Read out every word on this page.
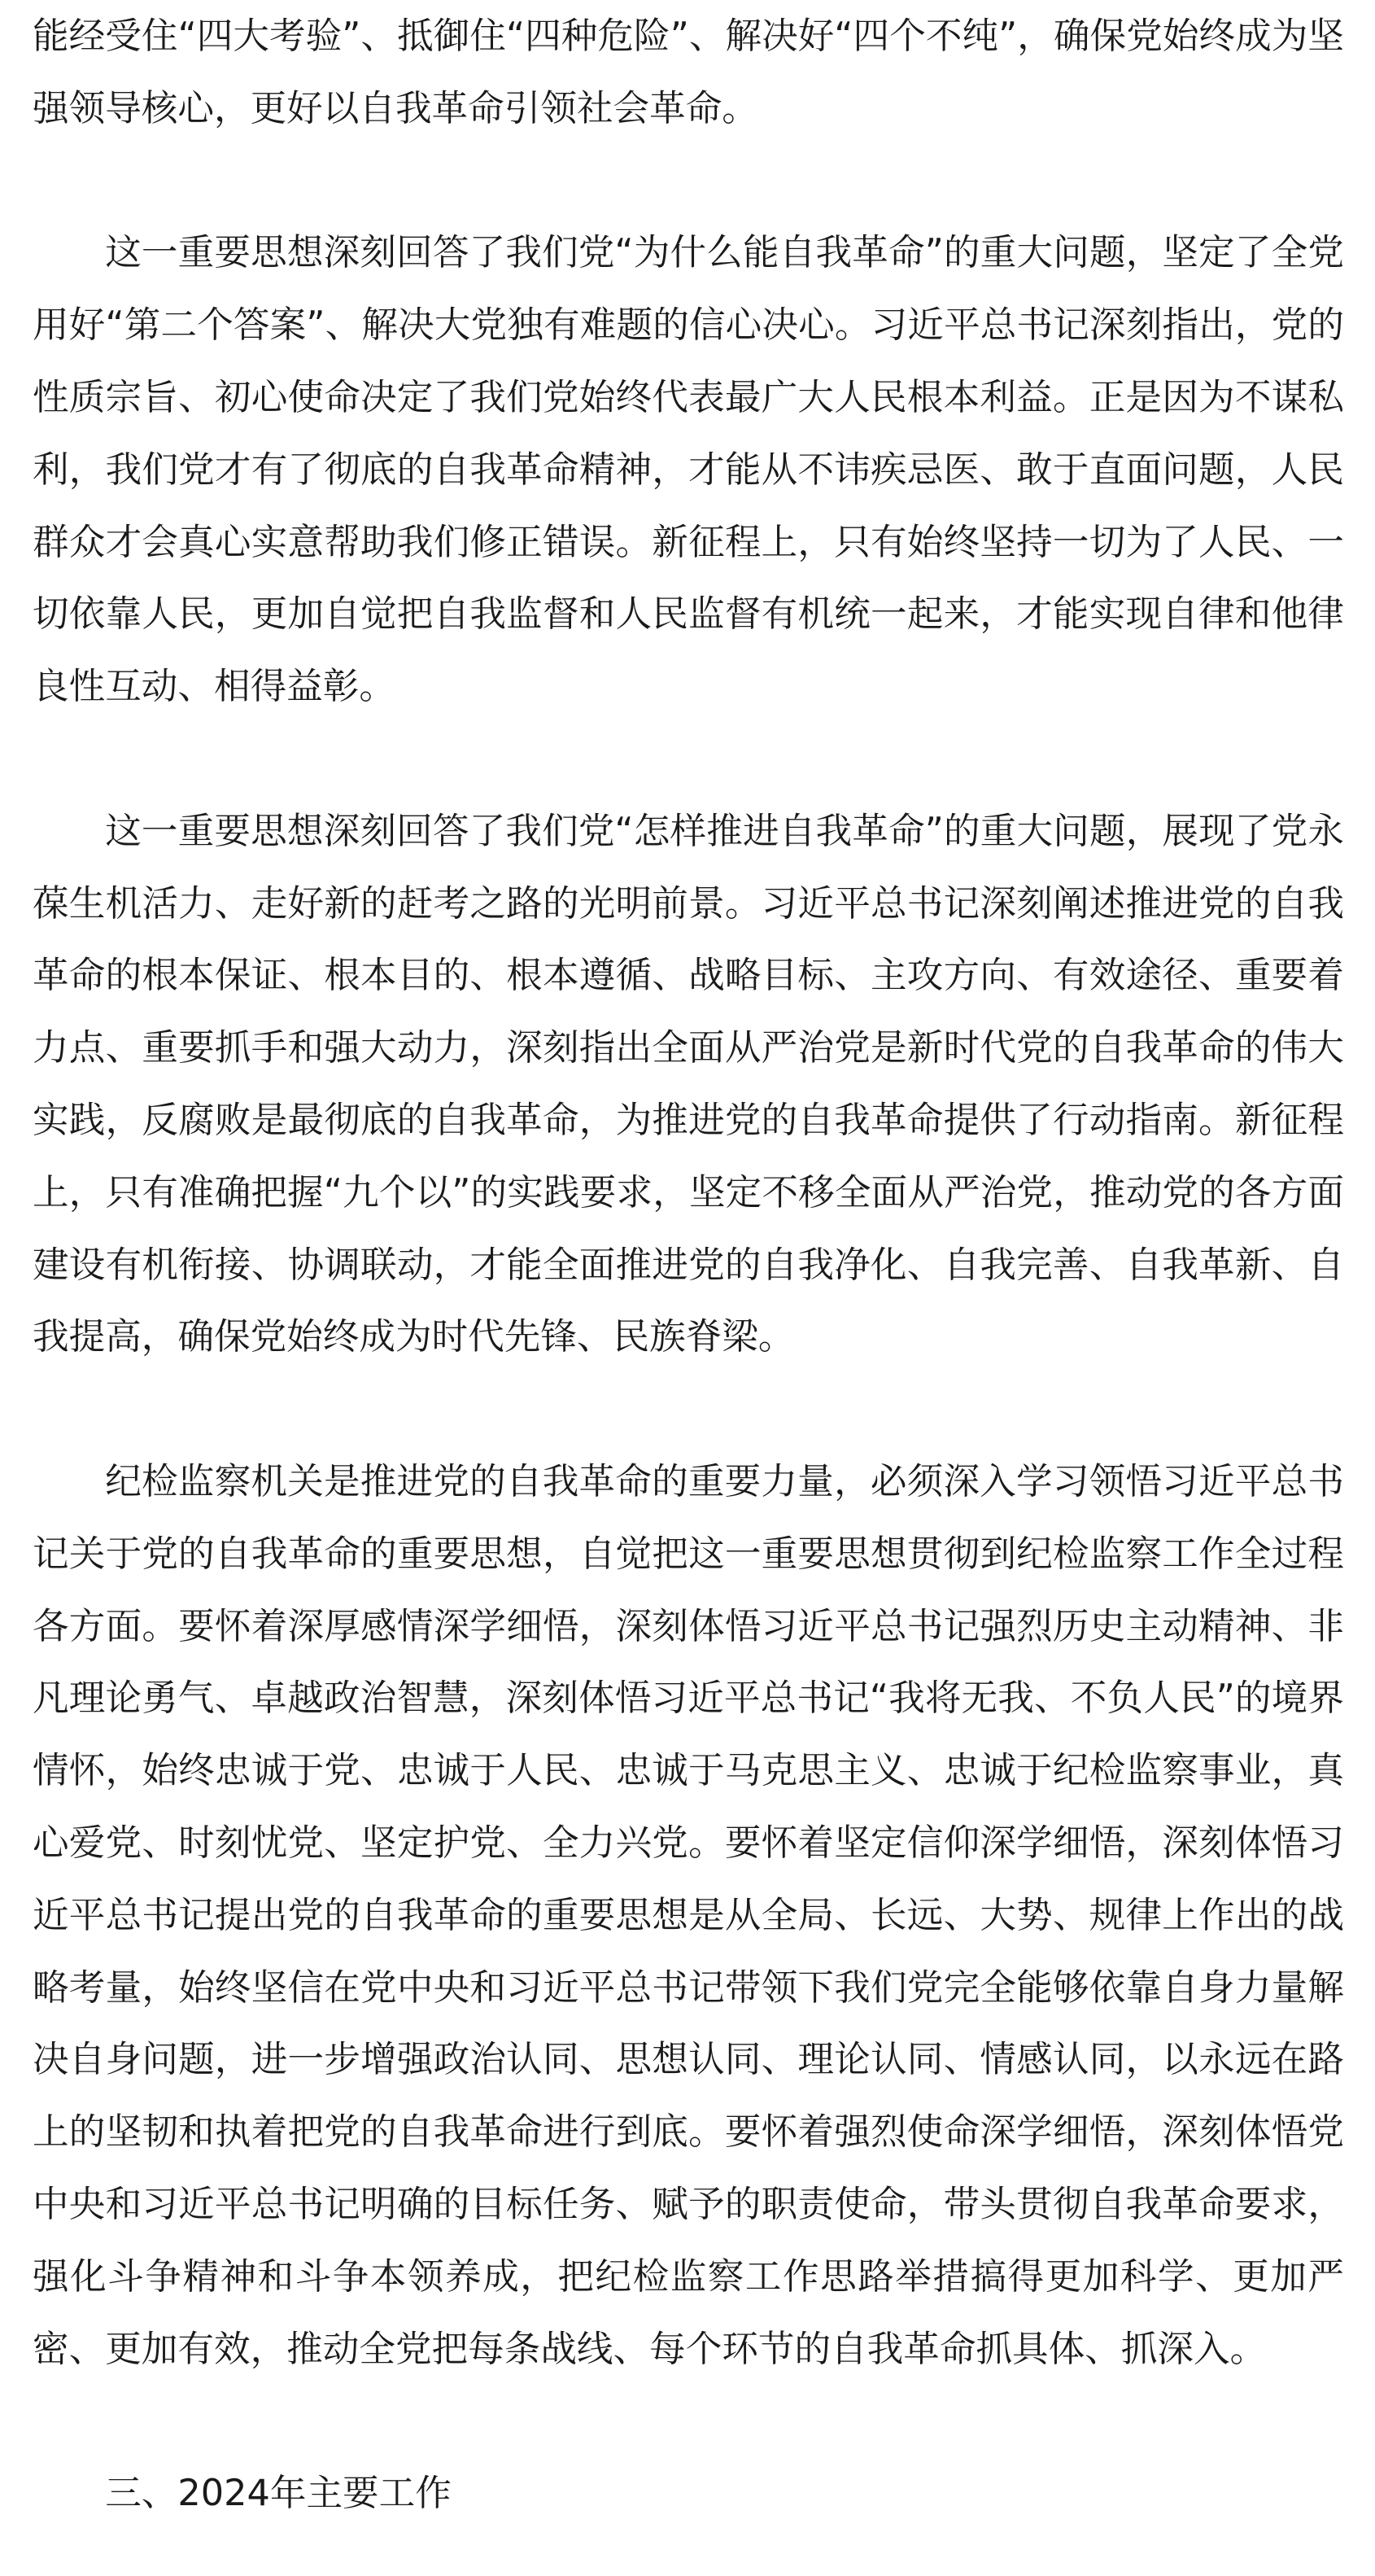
能经受住“四大考验”、抵御住“四种危险”、解决好“四个不纯”，确保党始终成为坚强领导核心，更好以自我革命引领社会革命。

这一重要思想深刻回答了我们党“为什么能自我革命”的重大问题，坚定了全党用好“第二个答案”、解决大党独有难题的信心决心。习近平总书记深刻指出，党的性质宗旨、初心使命决定了我们党始终代表最广大人民根本利益。正是因为不谋私利，我们党才有了彻底的自我革命精神，才能从不讳疾忌医、敢于直面问题，人民群众才会真心实意帮助我们修正错误。新征程上，只有始终坚持一切为了人民、一切依靠人民，更加自觉把自我监督和人民监督有机统一起来，才能实现自律和他律良性互动、相得益彰。

这一重要思想深刻回答了我们党“怎样推进自我革命”的重大问题，展现了党永葆生机活力、走好新的赶考之路的光明前景。习近平总书记深刻阐述推进党的自我革命的根本保证、根本目的、根本遵循、战略目标、主攻方向、有效途径、重要着力点、重要抓手和强大动力，深刻指出全面从严治党是新时代党的自我革命的伟大实践，反腐败是最彻底的自我革命，为推进党的自我革命提供了行动指南。新征程上，只有准确把握“九个以”的实践要求，坚定不移全面从严治党，推动党的各方面建设有机衔接、协调联动，才能全面推进党的自我净化、自我完善、自我革新、自我提高，确保党始终成为时代先锋、民族脊梁。

纪检监察机关是推进党的自我革命的重要力量，必须深入学习领悟习近平总书记关于党的自我革命的重要思想，自觉把这一重要思想贯彻到纪检监察工作全过程各方面。要怀着深厚感情深学细悟，深刻体悟习近平总书记强烈历史主动精神、非凡理论勇气、卓越政治智慧，深刻体悟习近平总书记“我将无我、不负人民”的境界情怀，始终忠诚于党、忠诚于人民、忠诚于马克思主义、忠诚于纪检监察事业，真心爱党、时刻忧党、坚定护党、全力兴党。要怀着坚定信仰深学细悟，深刻体悟习近平总书记提出党的自我革命的重要思想是从全局、长远、大势、规律上作出的战略考量，始终坚信在党中央和习近平总书记带领下我们党完全能够依靠自身力量解决自身问题，进一步增强政治认同、思想认同、理论认同、情感认同，以永远在路上的坚韧和执着把党的自我革命进行到底。要怀着强烈使命深学细悟，深刻体悟党中央和习近平总书记明确的目标任务、赋予的职责使命，带头贯彻自我革命要求，强化斗争精神和斗争本领养成，把纪检监察工作思路举措搞得更加科学、更加严密、更加有效，推动全党把每条战线、每个环节的自我革命抓具体、抓深入。

三、2024年主要工作
